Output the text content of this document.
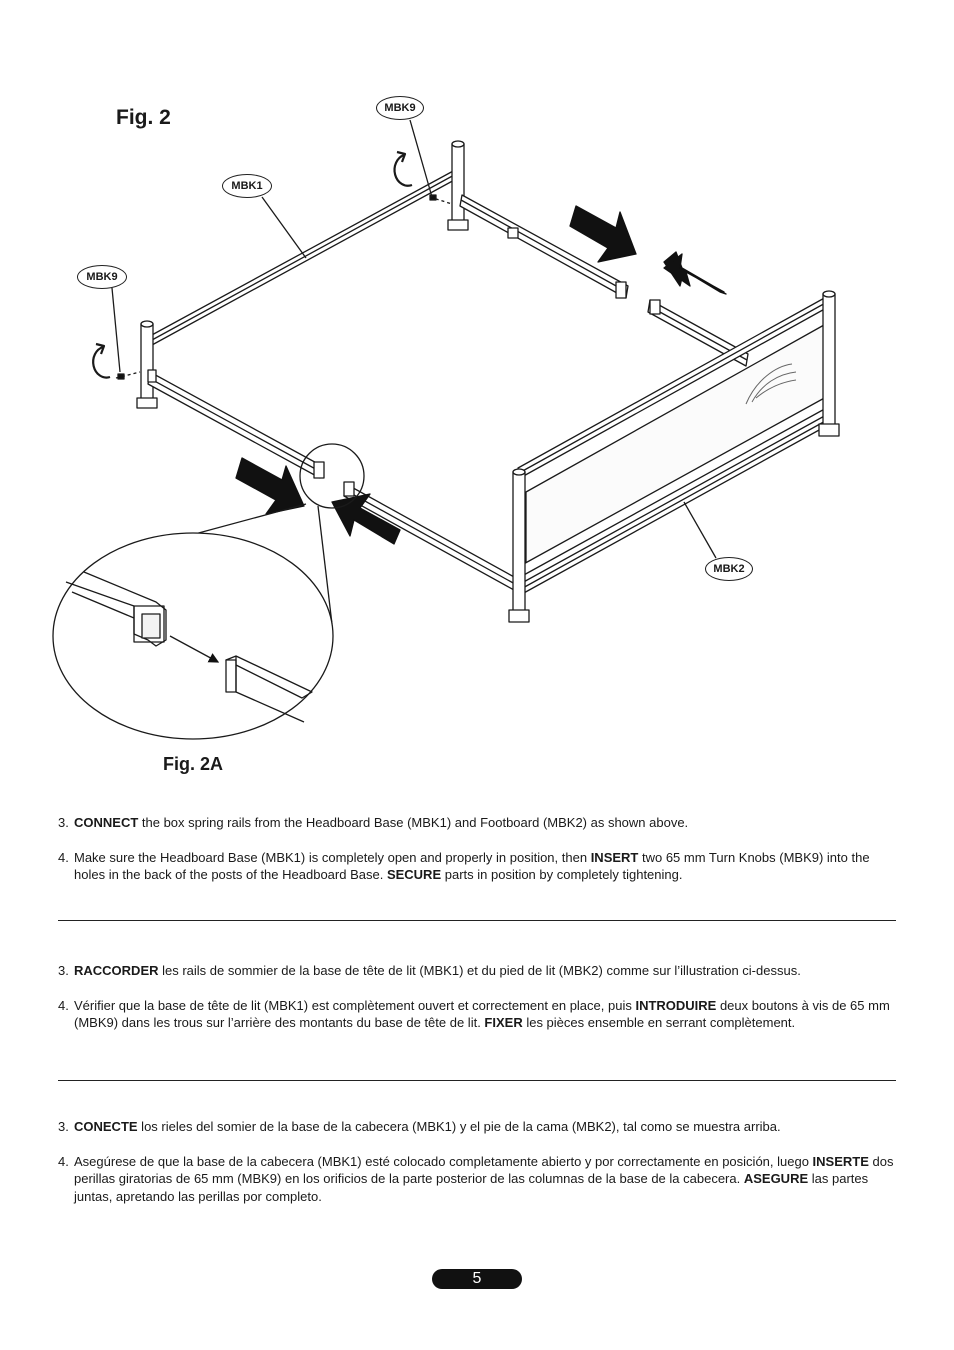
Fig. 2
Fig. 2A
MBK9
MBK1
MBK9
MBK2

3. CONNECT the box spring rails from the Headboard Base (MBK1) and Footboard (MBK2) as shown above.

4. Make sure the Headboard Base (MBK1) is completely open and properly in position, then INSERT two 65 mm Turn Knobs (MBK9) into the holes in the back of the posts of the Headboard Base. SECURE parts in position by completely tightening.

3. RACCORDER les rails de sommier de la base de tête de lit (MBK1) et du pied de lit (MBK2) comme sur l’illustration ci-dessus.

4. Vérifier que la base de tête de lit (MBK1) est complètement ouvert et correctement en place, puis INTRODUIRE deux boutons à vis de 65 mm (MBK9) dans les trous sur l’arrière des montants du base de tête de lit. FIXER les pièces ensemble en serrant complètement.

3. CONECTE los rieles del somier de la base de la cabecera (MBK1) y el pie de la cama (MBK2), tal como se muestra arriba.

4. Asegúrese de que la base de la cabecera (MBK1) esté colocado completamente abierto y por correctamente en posición, luego INSERTE dos perillas giratorias de 65 mm (MBK9) en los orificios de la parte posterior de las columnas de la base de la cabecera. ASEGURE las partes juntas, apretando las perillas por completo.

5
